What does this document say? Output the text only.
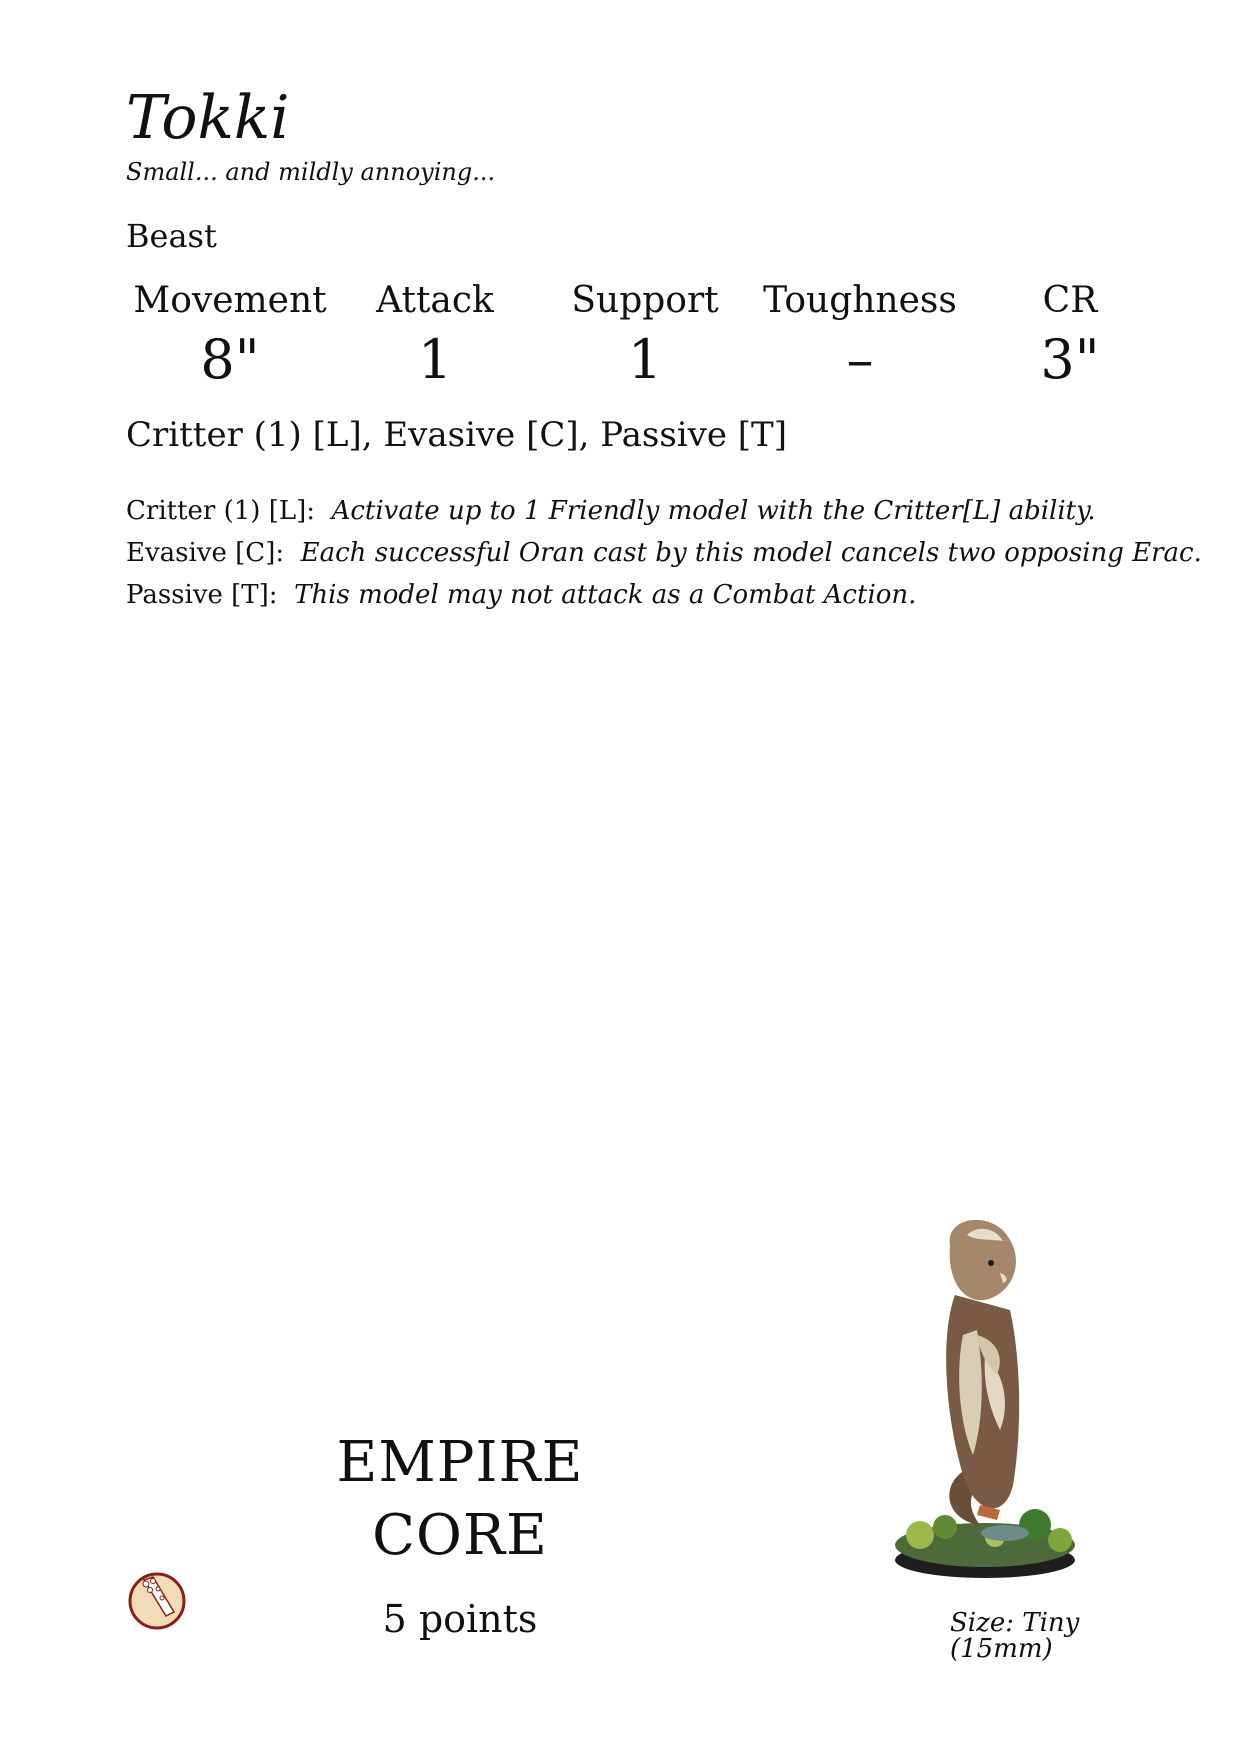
Tokki
Small... and mildly annoying...
Beast
Movement
8"
Attack
1
Support
1
Toughness
–
CR
3"
Critter (1) [L], Evasive [C], Passive [T]
Critter (1) [L]: Activate up to 1 Friendly model with the Critter[L] ability.
Evasive [C]: Each successful Oran cast by this model cancels two opposing Erac.
Passive [T]: This model may not attack as a Combat Action.
EMPIRE
CORE
5 points	Size: Tiny (15mm)
